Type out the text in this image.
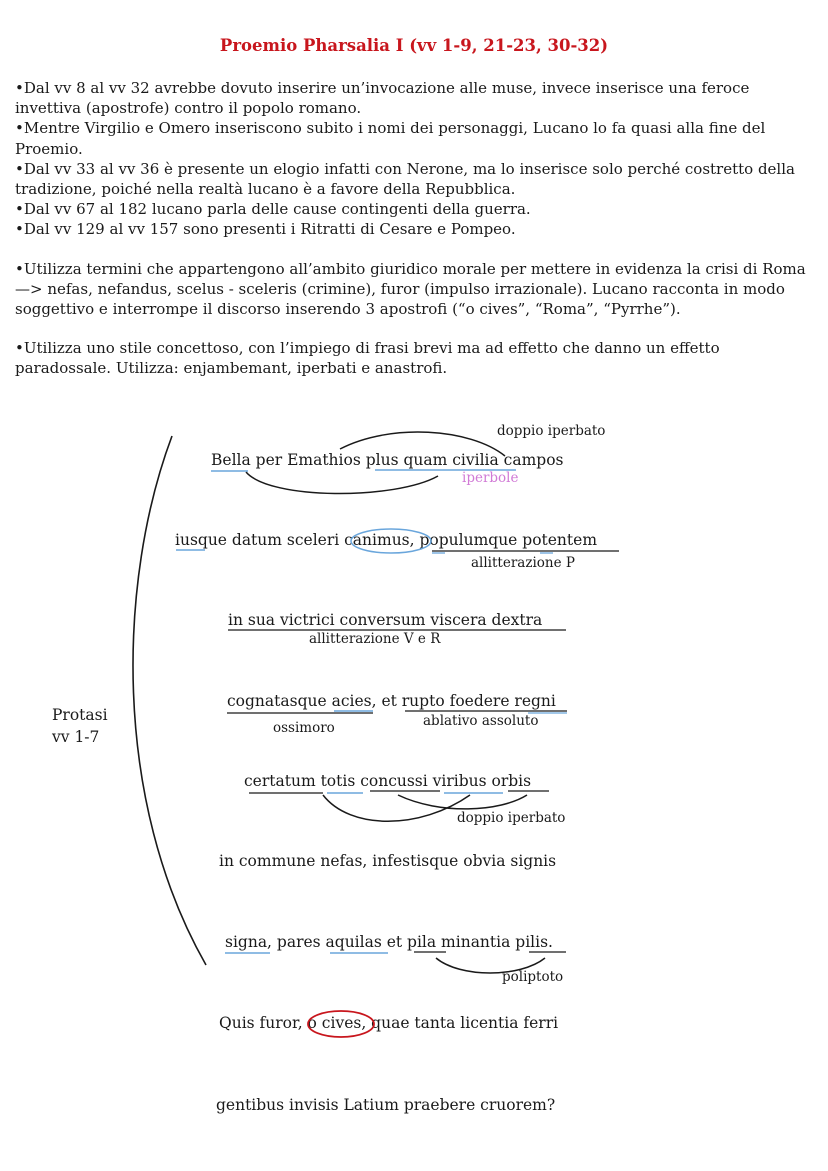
Proemio Pharsalia I (vv 1-9, 21-23, 30-32)

•Dal vv 8 al vv 32 avrebbe dovuto inserire un’invocazione alle muse, invece inserisce una feroce invettiva (apostrofe) contro il popolo romano.

•Mentre Virgilio e Omero inseriscono subito i nomi dei personaggi, Lucano lo fa quasi alla fine del Proemio.

•Dal vv 33 al vv 36 è presente un elogio infatti con Nerone, ma lo inserisce solo perché costretto della tradizione, poiché nella realtà lucano è a favore della Repubblica.

•Dal vv 67 al 182 lucano parla delle cause contingenti della guerra.

•Dal vv 129 al vv 157 sono presenti i Ritratti di Cesare e Pompeo.

•Utilizza termini che appartengono all’ambito giuridico morale per mettere in evidenza la crisi di Roma —> nefas, nefandus, scelus - sceleris (crimine), furor (impulso irrazionale). Lucano racconta in modo soggettivo e interrompe il discorso inserendo 3 apostrofi (“o cives”, “Roma”, “Pyrrhe”).

•Utilizza uno stile concettoso, con l’impiego di frasi brevi ma ad effetto che danno un effetto paradossale. Utilizza: enjambemant, iperbati e anastrofi.

Protasi
vv 1-7
Bella per Emathios plus quam civilia campos
iusque datum sceleri canimus, populumque potentem
in sua victrici conversum viscera dextra
cognatasque acies, et rupto foedere regni
certatum totis concussi viribus orbis
in commune nefas, infestisque obvia signis
signa, pares aquilas et pila minantia pilis.
Quis furor, o cives, quae tanta licentia ferri
gentibus invisis Latium praebere cruorem?
doppio iperbato
iperbole
allitterazione P
allitterazione V e R
ossimoro	ablativo assoluto
doppio iperbato
poliptoto
